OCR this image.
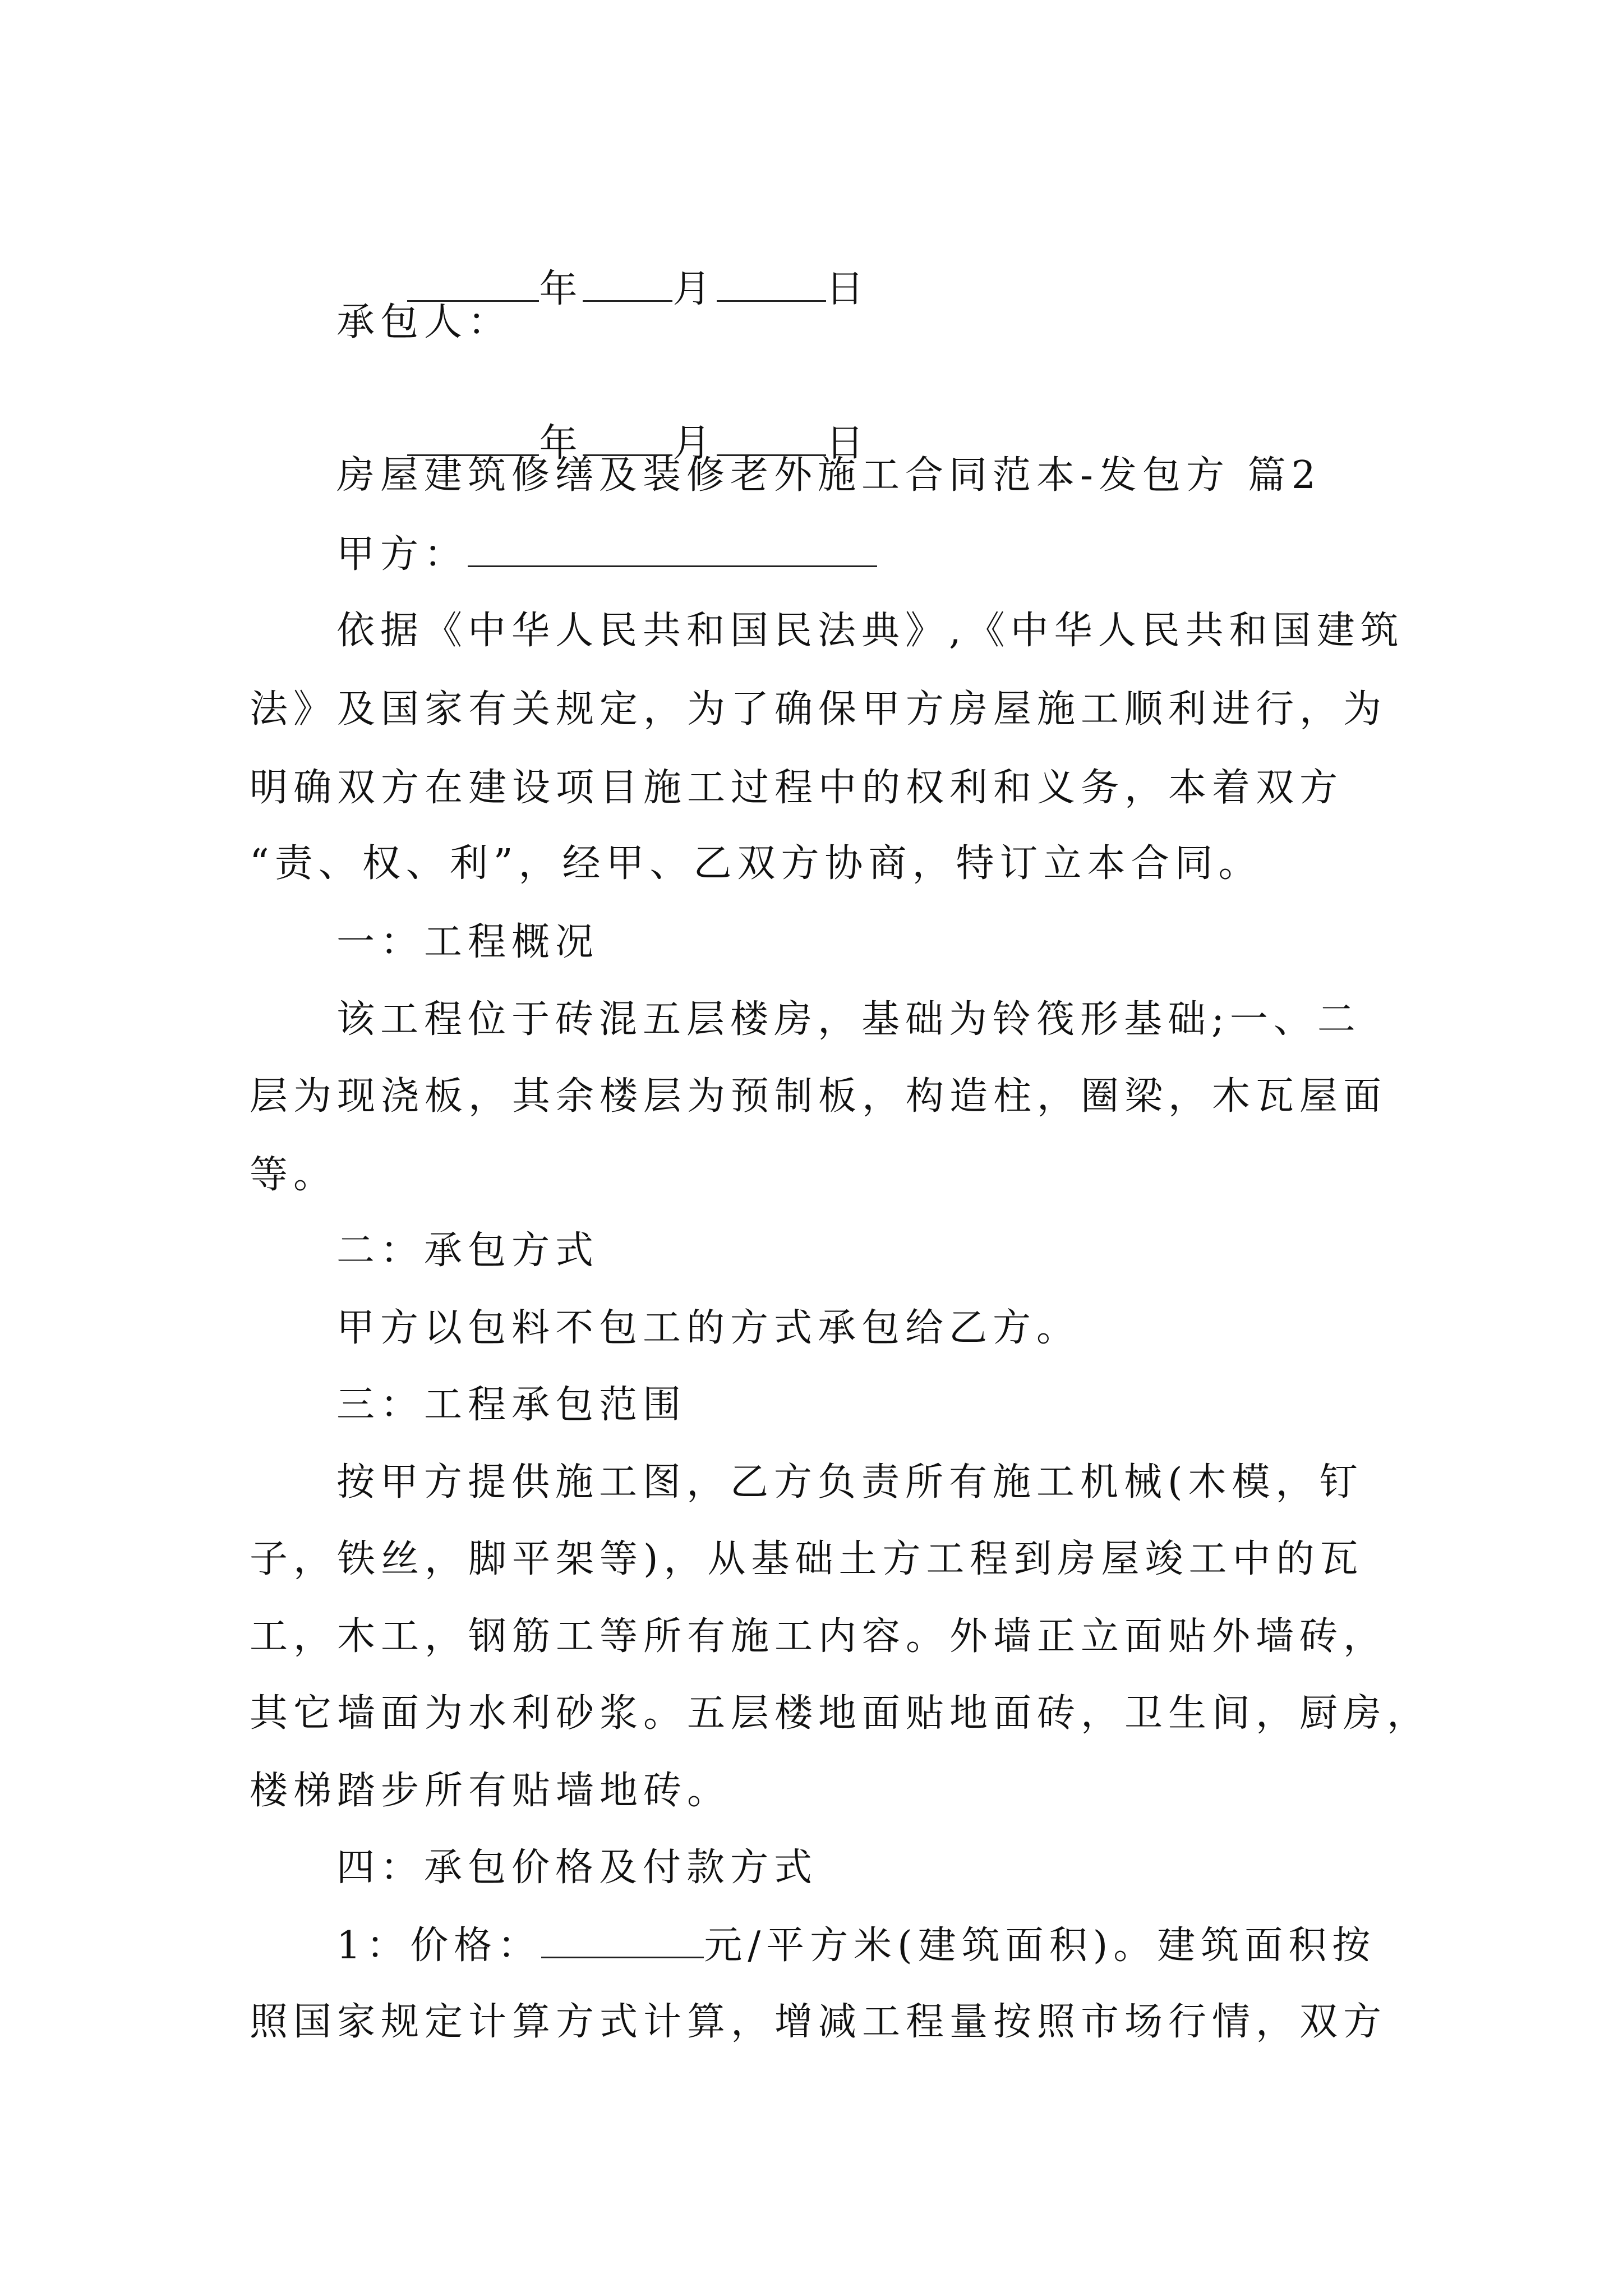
年 月	日

承包人：

年 月	日

房屋建筑修缮及装修老外施工合同范本-发包方 篇2
甲方：
依据《中华人民共和国民法典》,《中华人民共和国建筑
法》及国家有关规定，为了确保甲方房屋施工顺利进行，为
明确双方在建设项目施工过程中的权利和义务，本着双方
“责、权、利”，经甲、乙双方协商，特订立本合同。
一：工程概况
该工程位于砖混五层楼房，基础为铃筏形基础;一、二
层为现浇板，其余楼层为预制板，构造柱，圈梁，木瓦屋面
等。
二：承包方式
甲方以包料不包工的方式承包给乙方。
三：工程承包范围
按甲方提供施工图，乙方负责所有施工机械(木模，钉
子，铁丝，脚平架等)，从基础土方工程到房屋竣工中的瓦
工，木工，钢筋工等所有施工内容。外墙正立面贴外墙砖，
其它墙面为水利砂浆。五层楼地面贴地面砖，卫生间，厨房，
楼梯踏步所有贴墙地砖。
四：承包价格及付款方式
1：价格：	元/平方米(建筑面积)。建筑面积按
照国家规定计算方式计算，增减工程量按照市场行情，双方
